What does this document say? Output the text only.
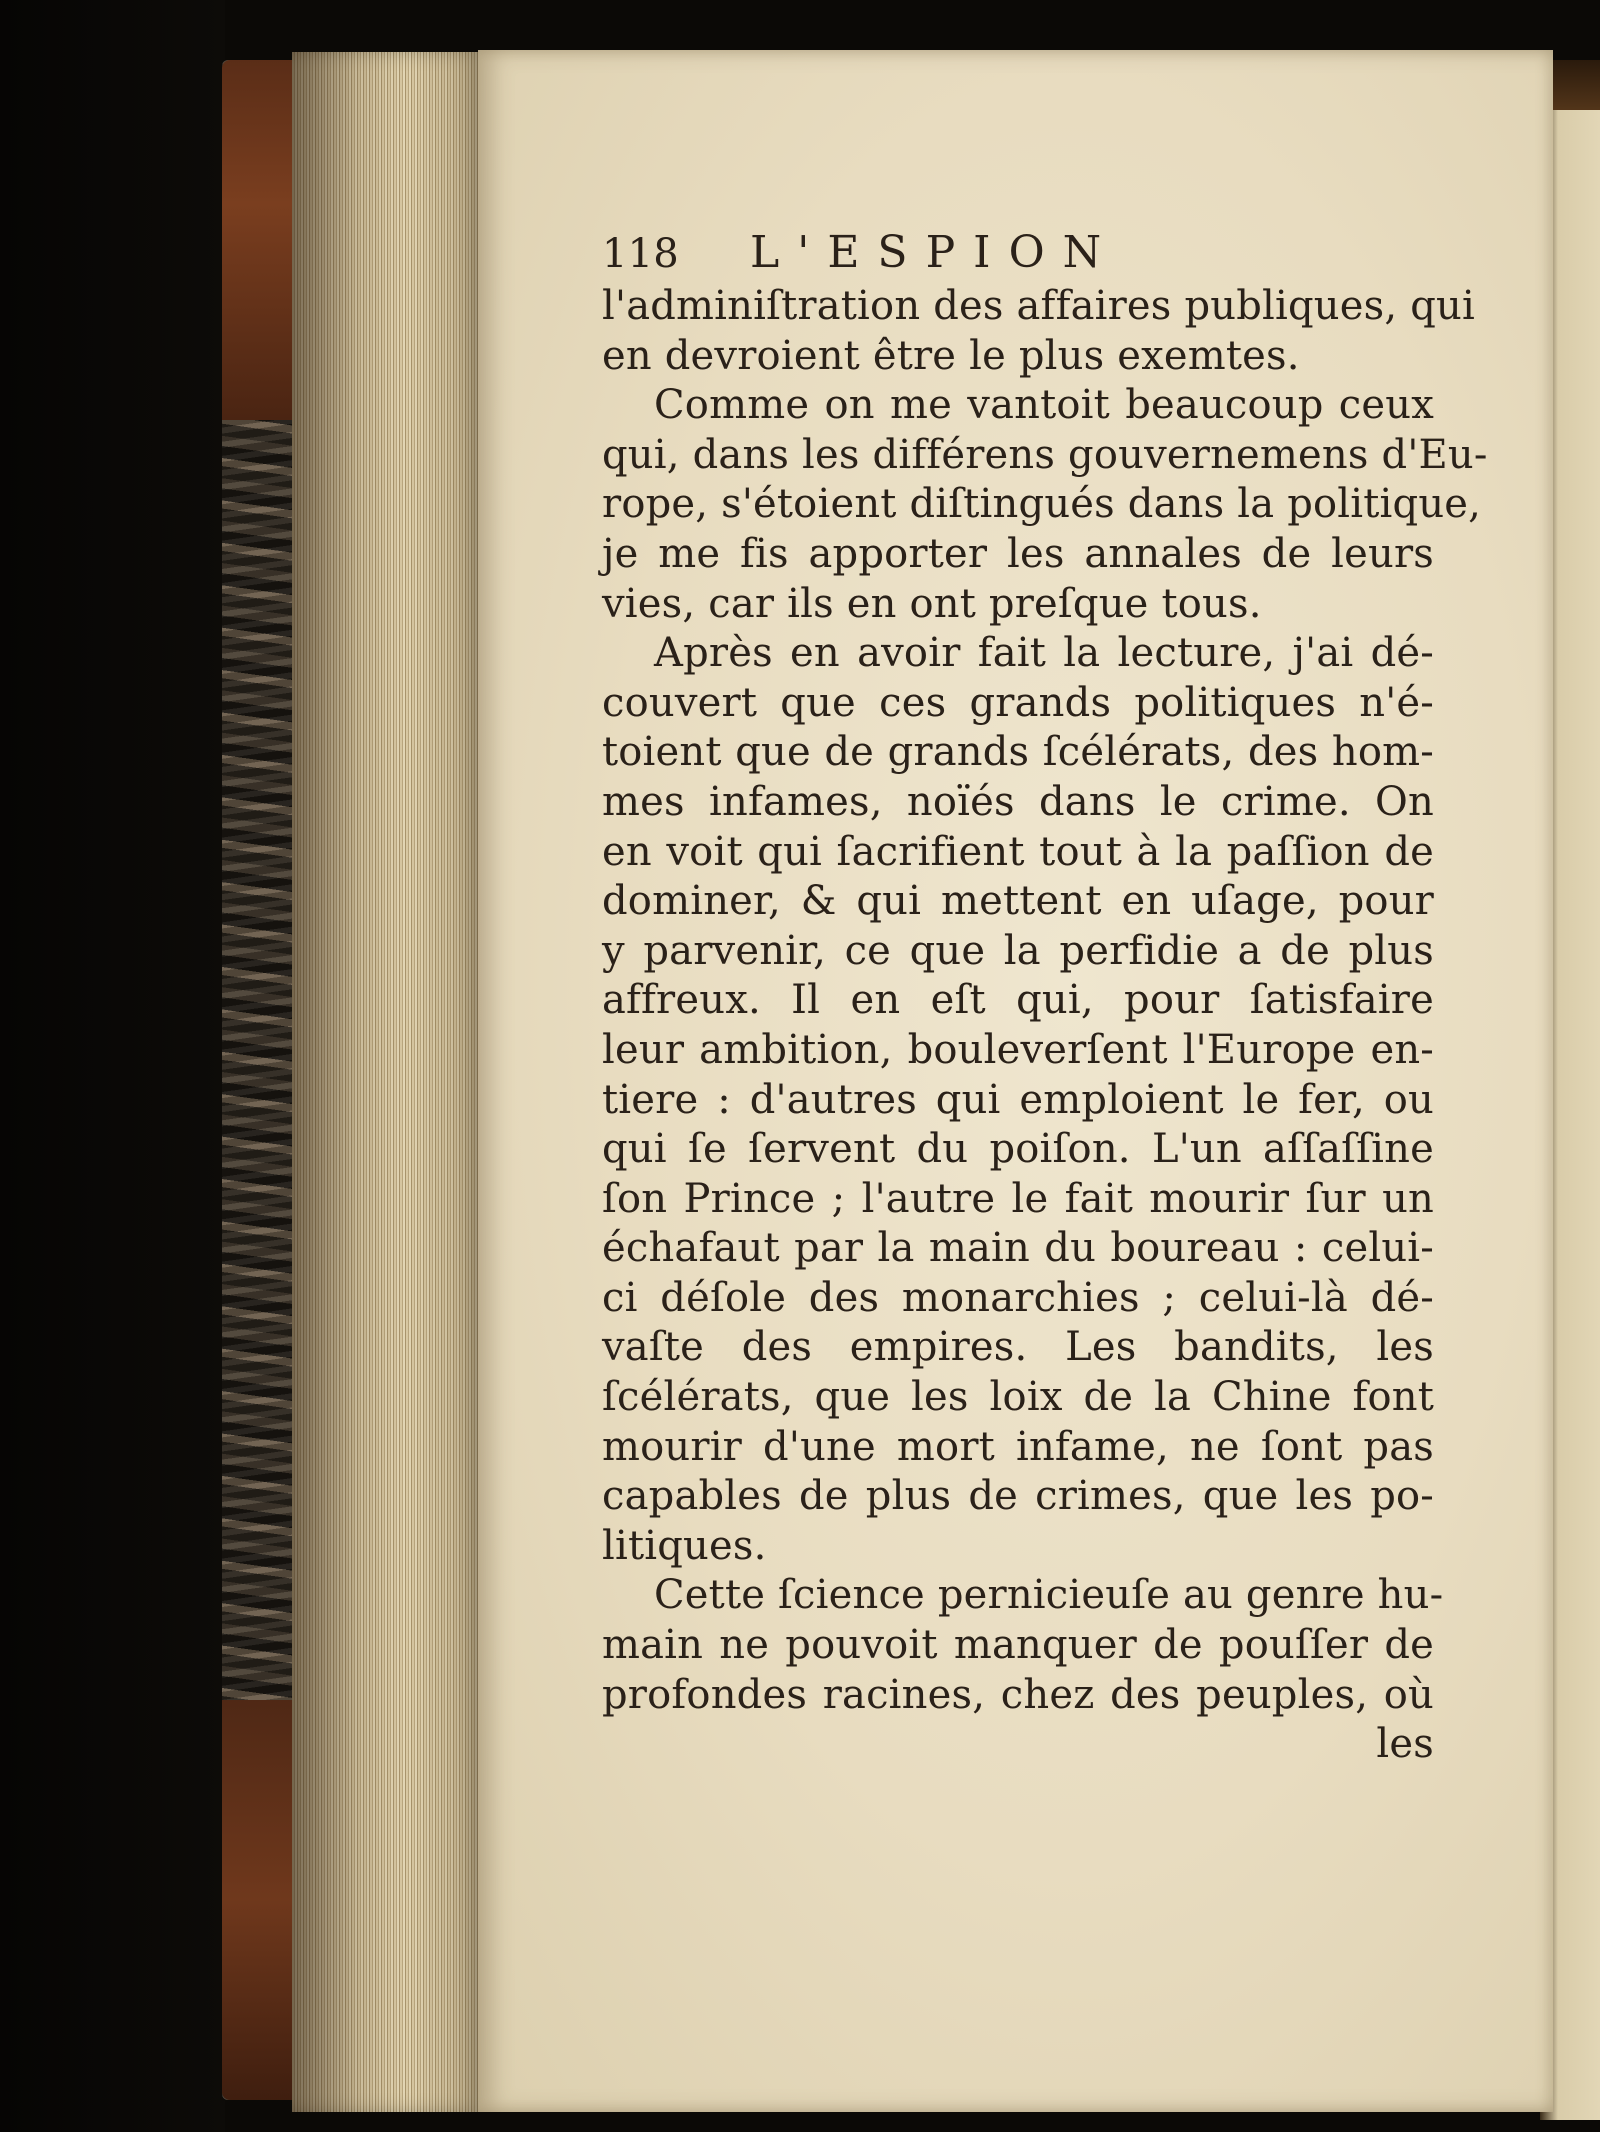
118	L'ESPION
l'adminiſtration des affaires publiques, qui
en devroient être le plus exemtes.
Comme on me vantoit beaucoup ceux
qui, dans les différens gouvernemens d'Eu-
rope, s'étoient diſtingués dans la politique,
je me fis apporter les annales de leurs
vies, car ils en ont preſque tous.
Après en avoir fait la lecture, j'ai dé-
couvert que ces grands politiques n'é-
toient que de grands ſcélérats, des hom-
mes infames, noïés dans le crime. On
en voit qui ſacrifient tout à la paſſion de
dominer, & qui mettent en uſage, pour
y parvenir, ce que la perfidie a de plus
affreux. Il en eſt qui, pour ſatisfaire
leur ambition, bouleverſent l'Europe en-
tiere : d'autres qui emploient le fer, ou
qui ſe ſervent du poiſon. L'un aſſaſſine
ſon Prince ; l'autre le fait mourir ſur un
échafaut par la main du boureau : celui-
ci déſole des monarchies ; celui-là dé-
vaſte des empires. Les bandits, les
ſcélérats, que les loix de la Chine font
mourir d'une mort infame, ne ſont pas
capables de plus de crimes, que les po-
litiques.
Cette ſcience pernicieuſe au genre hu-
main ne pouvoit manquer de pouſſer de
profondes racines, chez des peuples, où
les
